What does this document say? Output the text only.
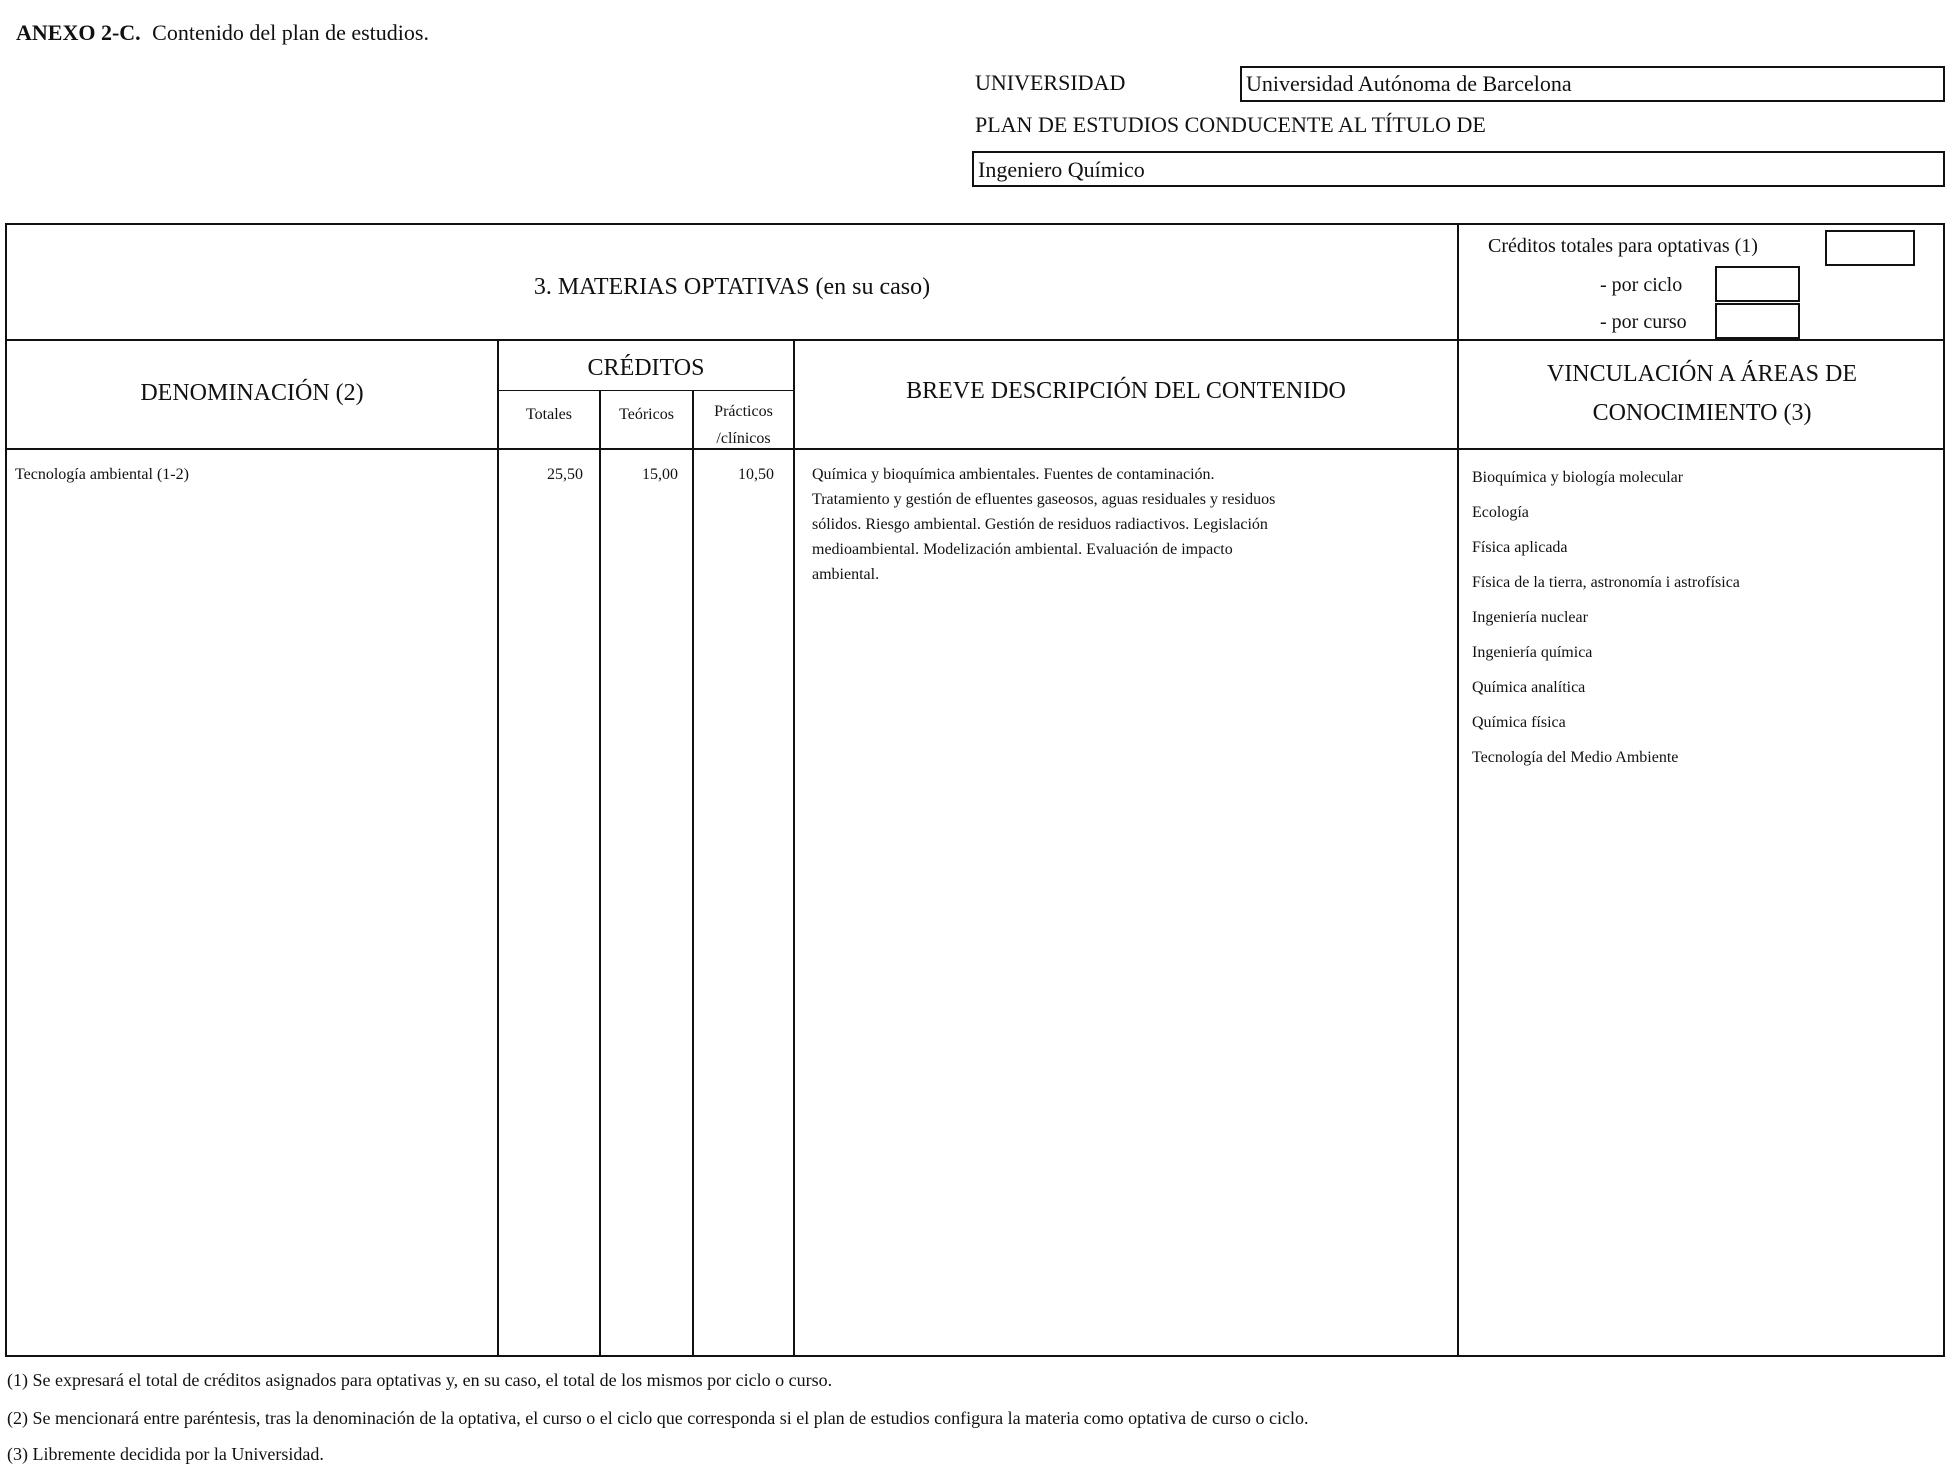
ANEXO 2-C. Contenido del plan de estudios.
UNIVERSIDAD	Universidad Autónoma de Barcelona
PLAN DE ESTUDIOS CONDUCENTE AL TÍTULO DE
Ingeniero Químico
3. MATERIAS OPTATIVAS (en su caso)
Créditos totales para optativas (1)
- por ciclo
- por curso
DENOMINACIÓN (2)
CRÉDITOS
Totales	Teóricos	Prácticos
/clínicos
BREVE DESCRIPCIÓN DEL CONTENIDO
VINCULACIÓN A ÁREAS DE
CONOCIMIENTO (3)
Tecnología ambiental (1-2)	25,50	15,00	10,50 Química y bioquímica ambientales. Fuentes de contaminación.
Tratamiento y gestión de efluentes gaseosos, aguas residuales y residuos
sólidos. Riesgo ambiental. Gestión de residuos radiactivos. Legislación
medioambiental. Modelización ambiental. Evaluación de impacto
ambiental.
Bioquímica y biología molecular
Ecología
Física aplicada
Física de la tierra, astronomía i astrofísica
Ingeniería nuclear
Ingeniería química
Química analítica
Química física
Tecnología del Medio Ambiente
(1) Se expresará el total de créditos asignados para optativas y, en su caso, el total de los mismos por ciclo o curso.
(2) Se mencionará entre paréntesis, tras la denominación de la optativa, el curso o el ciclo que corresponda si el plan de estudios configura la materia como optativa de curso o ciclo.
(3) Libremente decidida por la Universidad.
